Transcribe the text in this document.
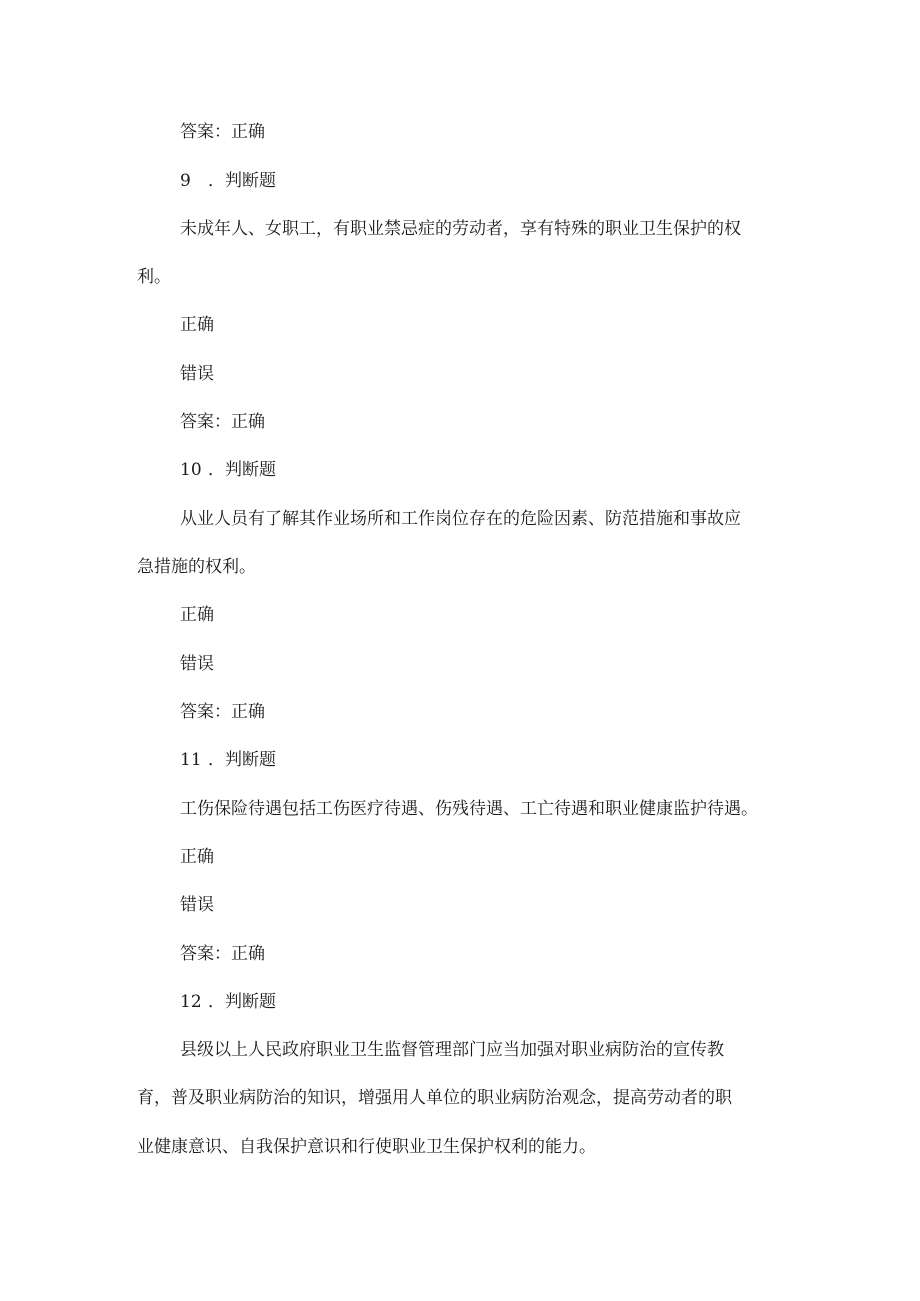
答案：正确
9 ．判断题
未成年人、女职工，有职业禁忌症的劳动者，享有特殊的职业卫生保护的权
利。
正确
错误
答案：正确
10 ．判断题
从业人员有了解其作业场所和工作岗位存在的危险因素、防范措施和事故应
急措施的权利。
正确
错误
答案：正确
11 ．判断题
工伤保险待遇包括工伤医疗待遇、伤残待遇、工亡待遇和职业健康监护待遇。
正确
错误
答案：正确
12 ．判断题
县级以上人民政府职业卫生监督管理部门应当加强对职业病防治的宣传教
育，普及职业病防治的知识，增强用人单位的职业病防治观念，提高劳动者的职
业健康意识、自我保护意识和行使职业卫生保护权利的能力。
